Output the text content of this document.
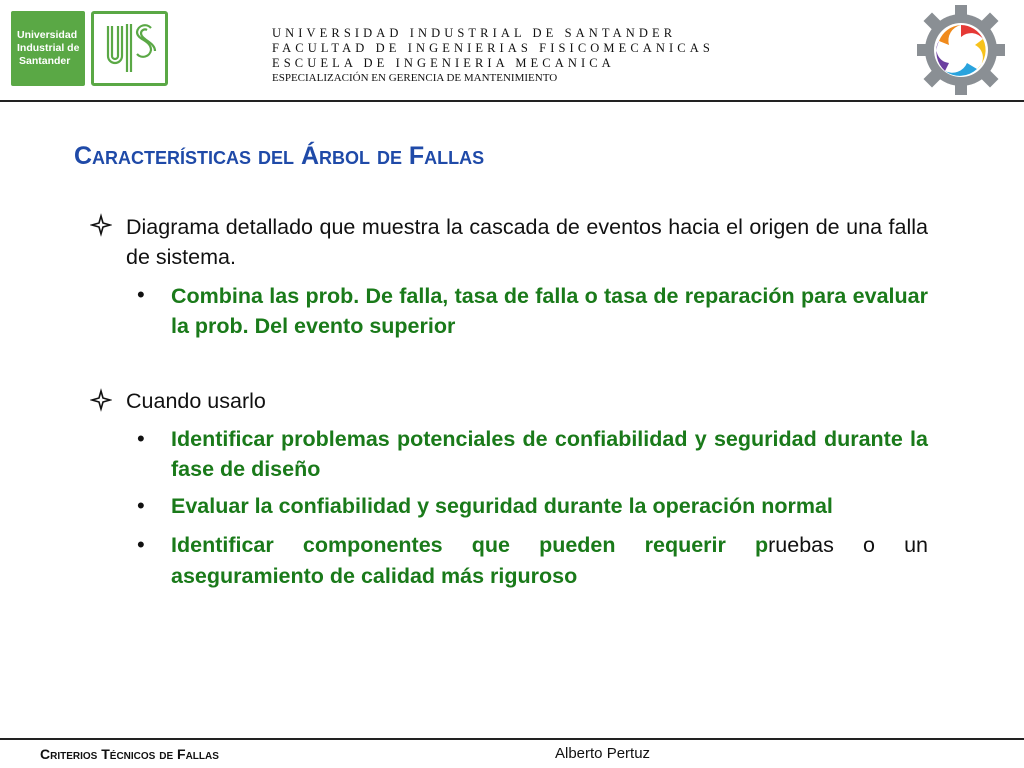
Universidad
Industrial de
Santander
UNIVERSIDAD INDUSTRIAL DE SANTANDER
FACULTAD DE INGENIERIAS FISICOMECANICAS
ESCUELA DE INGENIERIA MECANICA
ESPECIALIZACIÓN EN GERENCIA DE MANTENIMIENTO
Características del Árbol de Fallas
Diagrama detallado que muestra la cascada de eventos hacia el origen de una falla de sistema.
• Combina las prob. De falla, tasa de falla o tasa de reparación para evaluar la prob. Del evento superior
Cuando usarlo
• Identificar problemas potenciales de confiabilidad y seguridad durante la fase de diseño
• Evaluar la confiabilidad y seguridad durante la operación normal
• Identificar componentes que pueden requerir pruebas o un
aseguramiento de calidad más riguroso
Criterios Técnicos de Fallas	Alberto Pertuz
